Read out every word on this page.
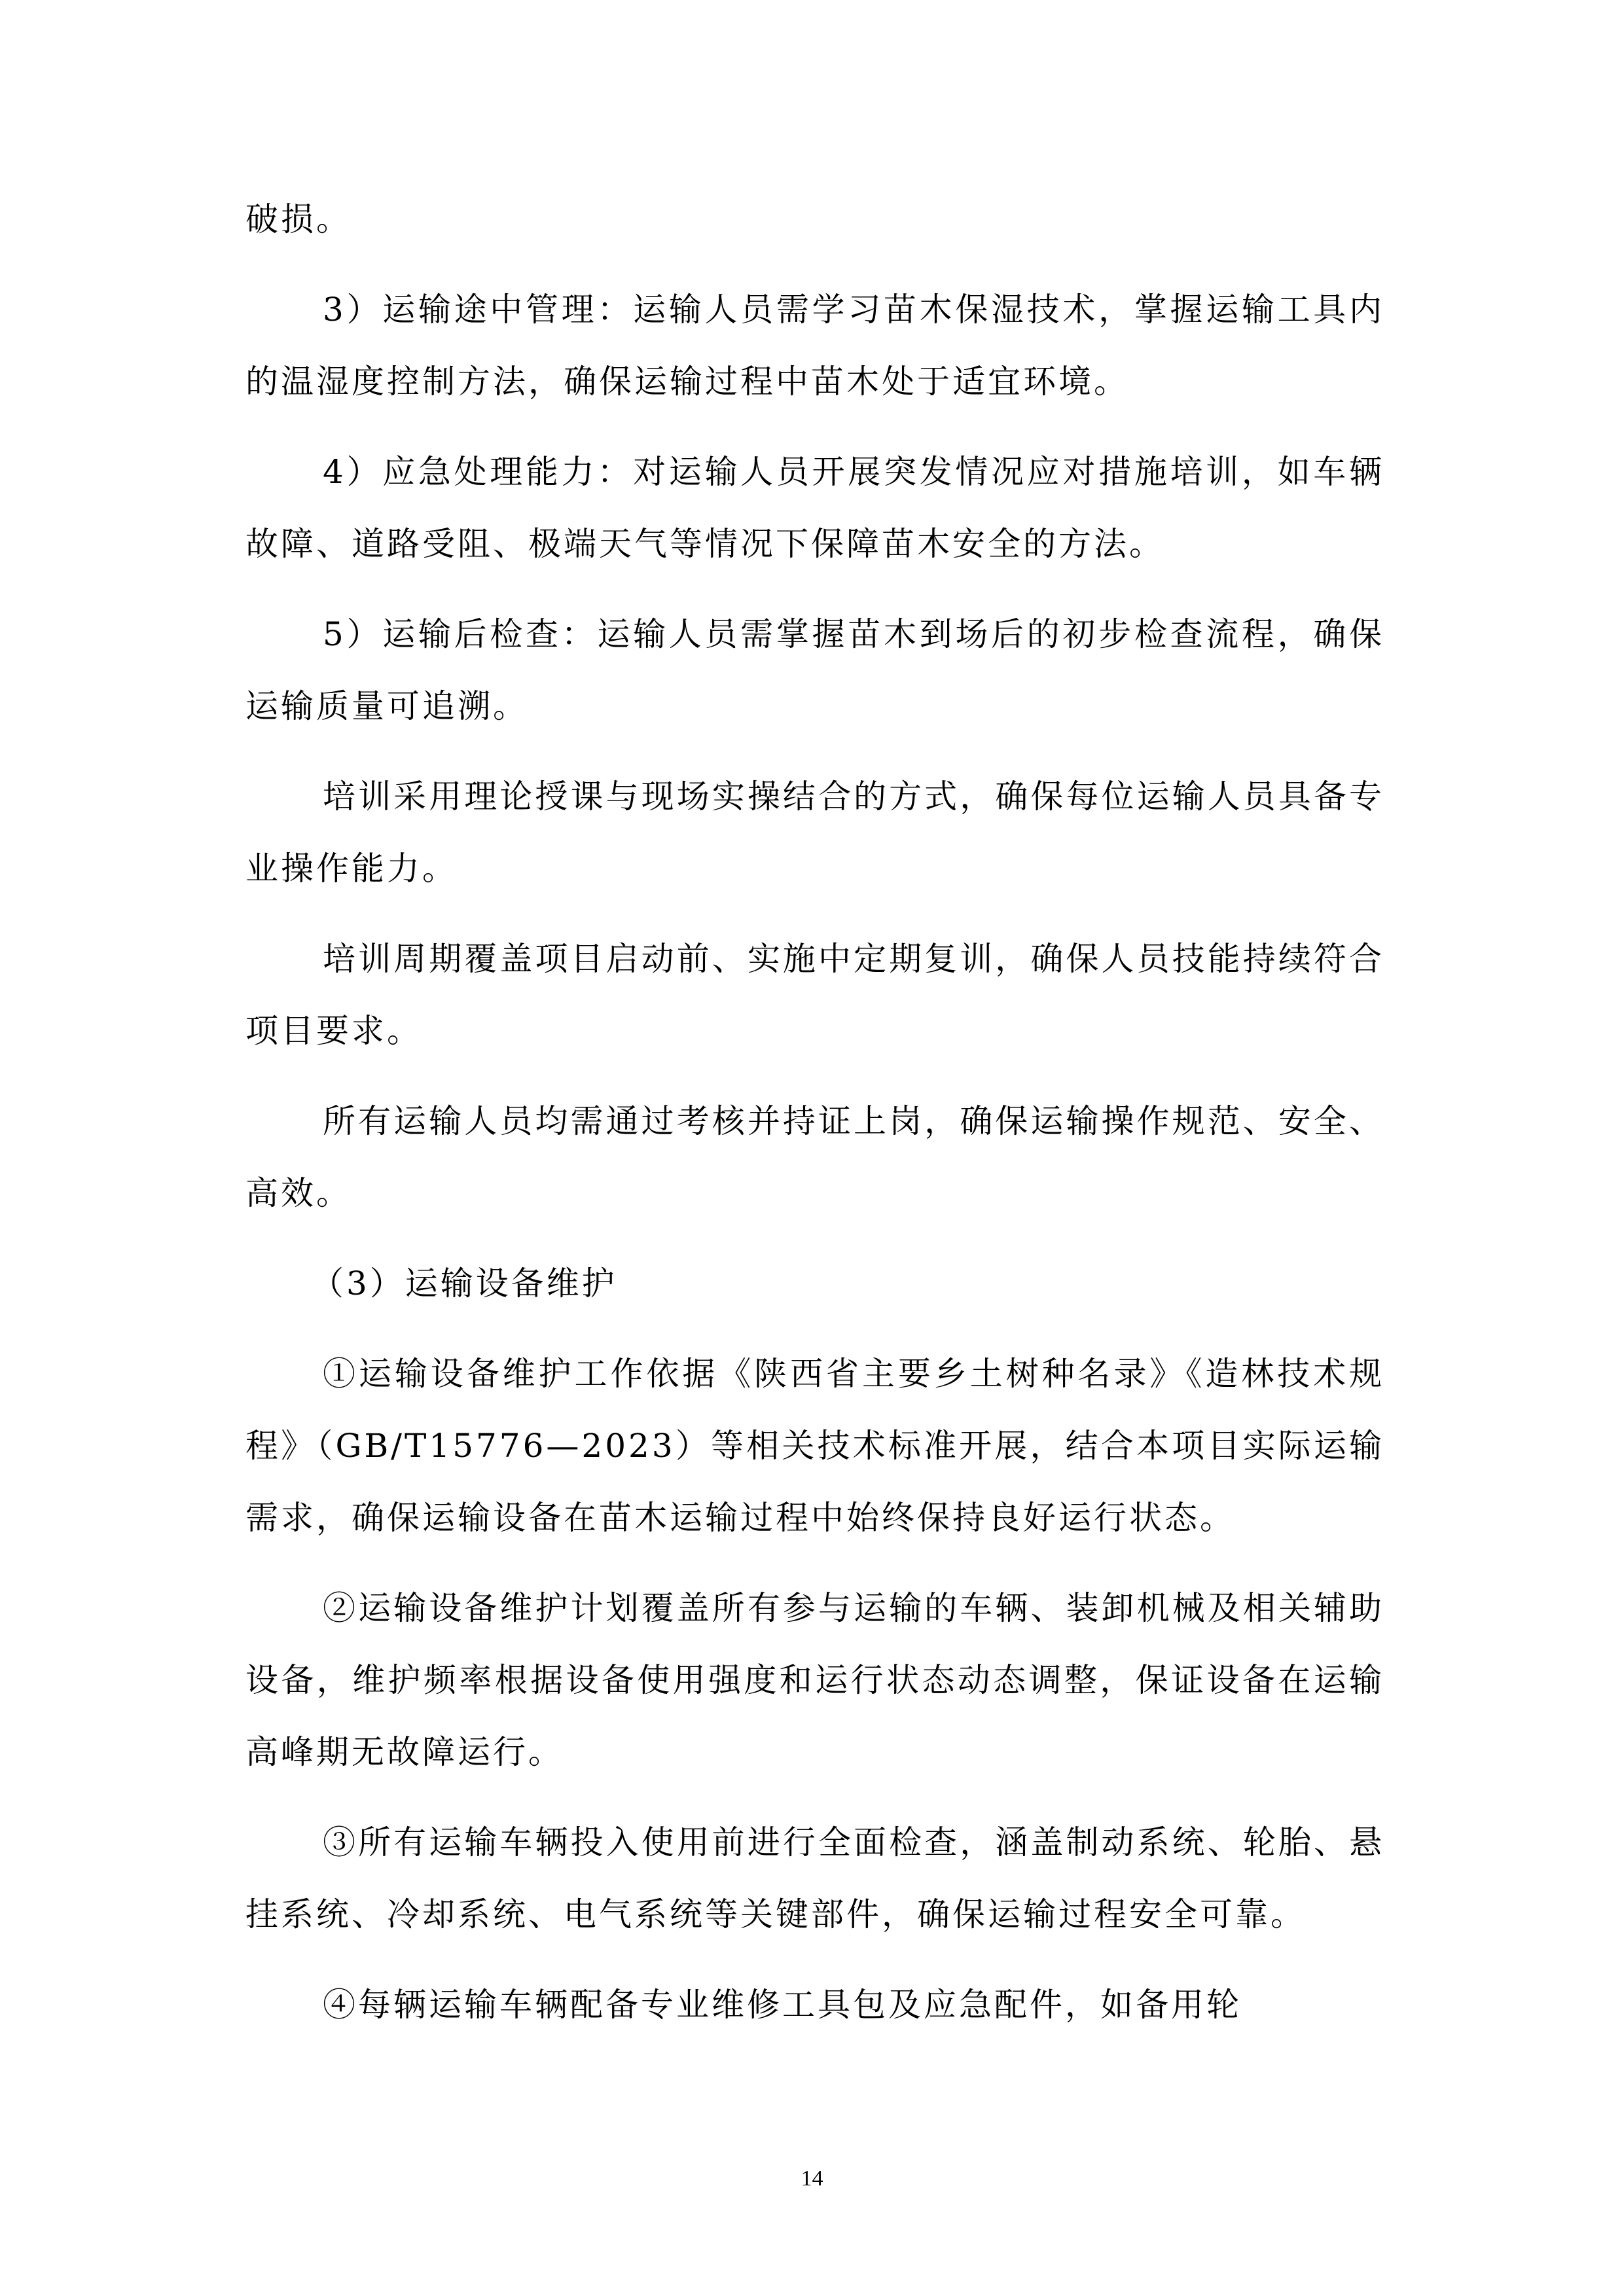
破损。

3）运输途中管理：运输人员需学习苗木保湿技术，掌握运输工具内的温湿度控制方法，确保运输过程中苗木处于适宜环境。

4）应急处理能力：对运输人员开展突发情况应对措施培训，如车辆故障、道路受阻、极端天气等情况下保障苗木安全的方法。

5）运输后检查：运输人员需掌握苗木到场后的初步检查流程，确保运输质量可追溯。

培训采用理论授课与现场实操结合的方式，确保每位运输人员具备专业操作能力。

培训周期覆盖项目启动前、实施中定期复训，确保人员技能持续符合项目要求。

所有运输人员均需通过考核并持证上岗，确保运输操作规范、安全、高效。

（3）运输设备维护

①运输设备维护工作依据《陕西省主要乡土树种名录》《造林技术规程》（GB/T15776—2023）等相关技术标准开展，结合本项目实际运输需求，确保运输设备在苗木运输过程中始终保持良好运行状态。

②运输设备维护计划覆盖所有参与运输的车辆、装卸机械及相关辅助设备，维护频率根据设备使用强度和运行状态动态调整，保证设备在运输高峰期无故障运行。

③所有运输车辆投入使用前进行全面检查，涵盖制动系统、轮胎、悬挂系统、冷却系统、电气系统等关键部件，确保运输过程安全可靠。

④每辆运输车辆配备专业维修工具包及应急配件，如备用轮

14
